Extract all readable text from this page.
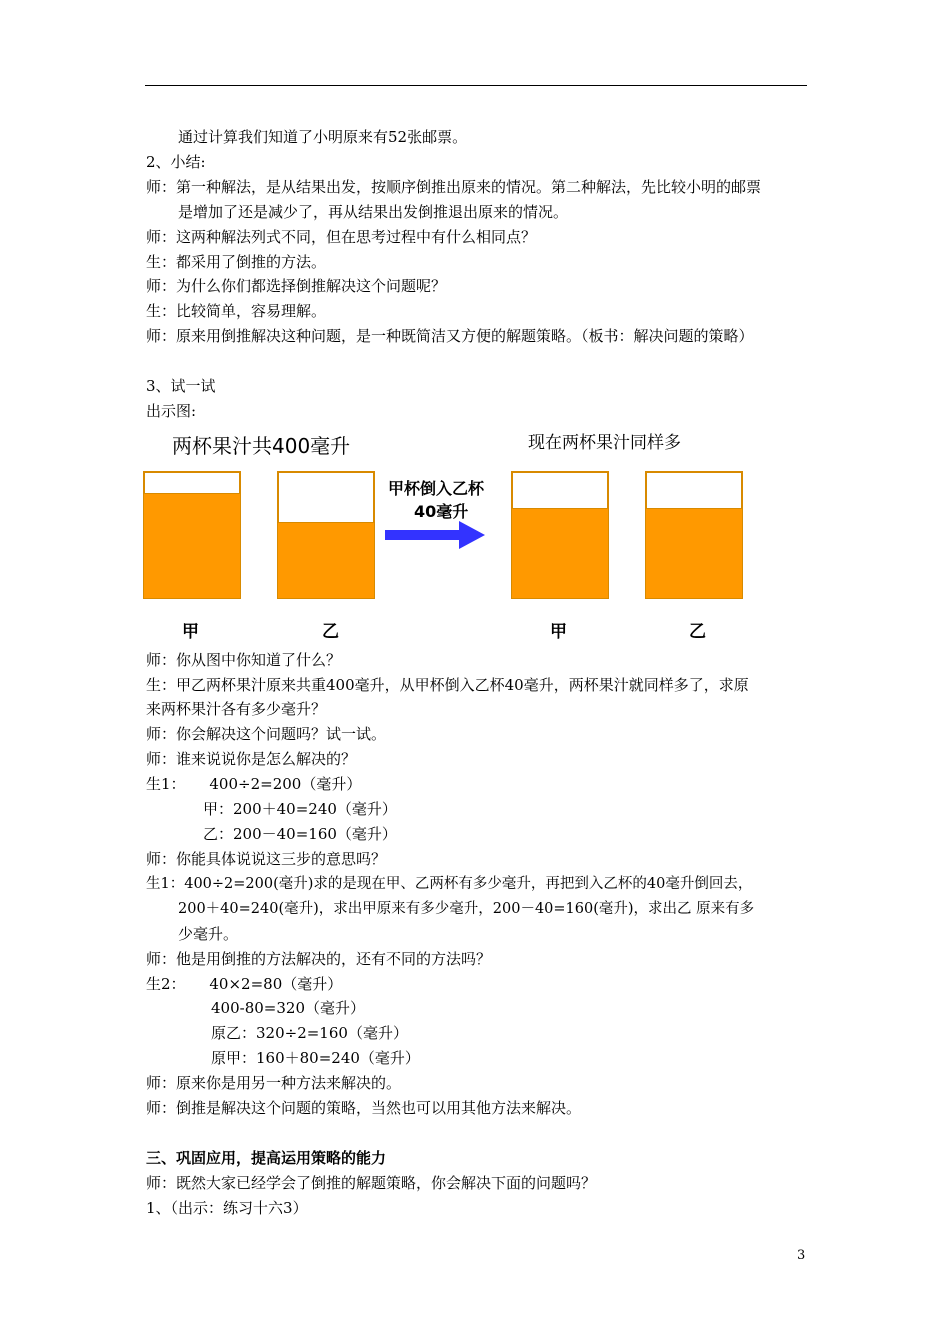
通过计算我们知道了小明原来有52张邮票。
2、小结:
师：第一种解法，是从结果出发，按顺序倒推出原来的情况。第二种解法，先比较小明的邮票
是增加了还是减少了，再从结果出发倒推退出原来的情况。
师：这两种解法列式不同，但在思考过程中有什么相同点？
生：都采用了倒推的方法。
师：为什么你们都选择倒推解决这个问题呢？
生：比较简单，容易理解。
师：原来用倒推解决这种问题，是一种既简洁又方便的解题策略。（板书：解决问题的策略）
3、试一试
出示图:
两杯果汁共400毫升	现在两杯果汁同样多
甲杯倒入乙杯
40毫升
甲	乙	甲	乙
师：你从图中你知道了什么？
生：甲乙两杯果汁原来共重400毫升，从甲杯倒入乙杯40毫升，两杯果汁就同样多了，求原
来两杯果汁各有多少毫升？
师：你会解决这个问题吗？试一试。
师：谁来说说你是怎么解决的？
生1：     400÷2=200（毫升）
甲：200＋40=240（毫升）
乙：200－40=160（毫升）
师：你能具体说说这三步的意思吗？
生1：400÷2=200(毫升)求的是现在甲、乙两杯有多少毫升，再把到入乙杯的40毫升倒回去，
200＋40=240(毫升)，求出甲原来有多少毫升，200－40=160(毫升)，求出乙 原来有多
少毫升。
师：他是用倒推的方法解决的，还有不同的方法吗？
生2：     40×2=80（毫升）
400-80=320（毫升）
原乙：320÷2=160（毫升）
原甲：160＋80=240（毫升）
师：原来你是用另一种方法来解决的。
师：倒推是解决这个问题的策略，当然也可以用其他方法来解决。
三、巩固应用，提高运用策略的能力
师：既然大家已经学会了倒推的解题策略，你会解决下面的问题吗？
1、（出示：练习十六3）
3
